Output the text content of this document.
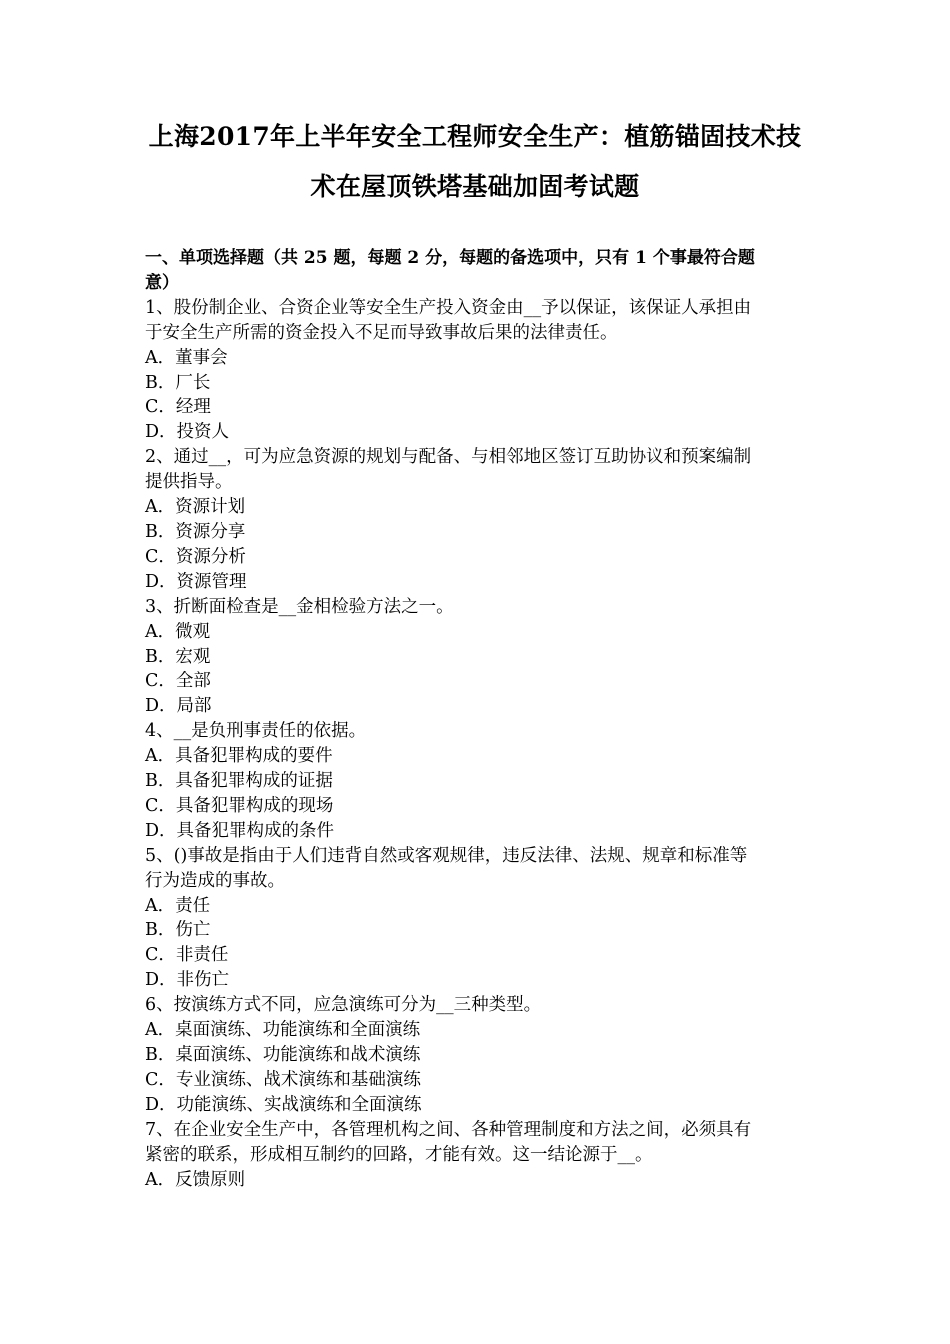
上海2017年上半年安全工程师安全生产：植筋锚固技术技
术在屋顶铁塔基础加固考试题
一、单项选择题（共 25 题，每题 2 分，每题的备选项中，只有 1 个事最符合题
意）
1、股份制企业、合资企业等安全生产投入资金由__予以保证，该保证人承担由
于安全生产所需的资金投入不足而导致事故后果的法律责任。
A．董事会
B．厂长
C．经理
D．投资人
2、通过__，可为应急资源的规划与配备、与相邻地区签订互助协议和预案编制
提供指导。
A．资源计划
B．资源分享
C．资源分析
D．资源管理
3、折断面检查是__金相检验方法之一。
A．微观
B．宏观
C．全部
D．局部
4、__是负刑事责任的依据。
A．具备犯罪构成的要件
B．具备犯罪构成的证据
C．具备犯罪构成的现场
D．具备犯罪构成的条件
5、()事故是指由于人们违背自然或客观规律，违反法律、法规、规章和标准等
行为造成的事故。
A．责任
B．伤亡
C．非责任
D．非伤亡
6、按演练方式不同，应急演练可分为__三种类型。
A．桌面演练、功能演练和全面演练
B．桌面演练、功能演练和战术演练
C．专业演练、战术演练和基础演练
D．功能演练、实战演练和全面演练
7、在企业安全生产中，各管理机构之间、各种管理制度和方法之间，必须具有
紧密的联系，形成相互制约的回路，才能有效。这一结论源于__。
A．反馈原则
